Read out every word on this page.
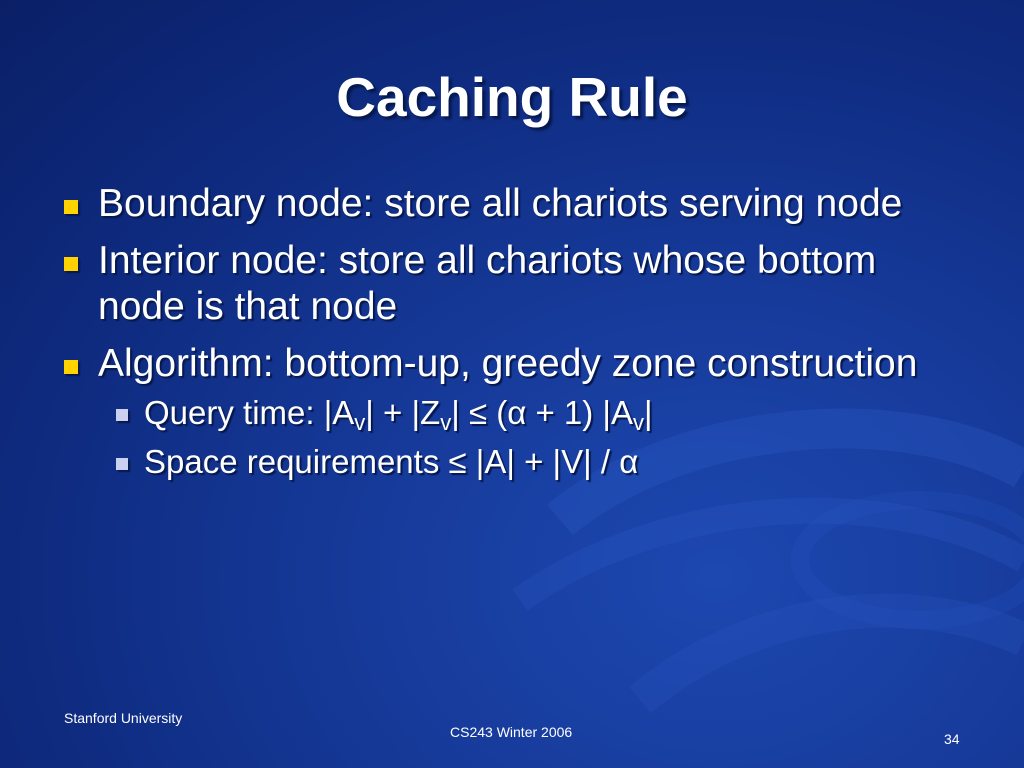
Caching Rule
Boundary node: store all chariots serving node
Interior node: store all chariots whose bottom node is that node
Algorithm: bottom-up, greedy zone construction
Query time: $|A_v| + |Z_v| \le (\alpha + 1)$ $|A_v|$
Space requirements ≤ |A| + |V| / α
Stanford University
CS243 Winter 2006	34
